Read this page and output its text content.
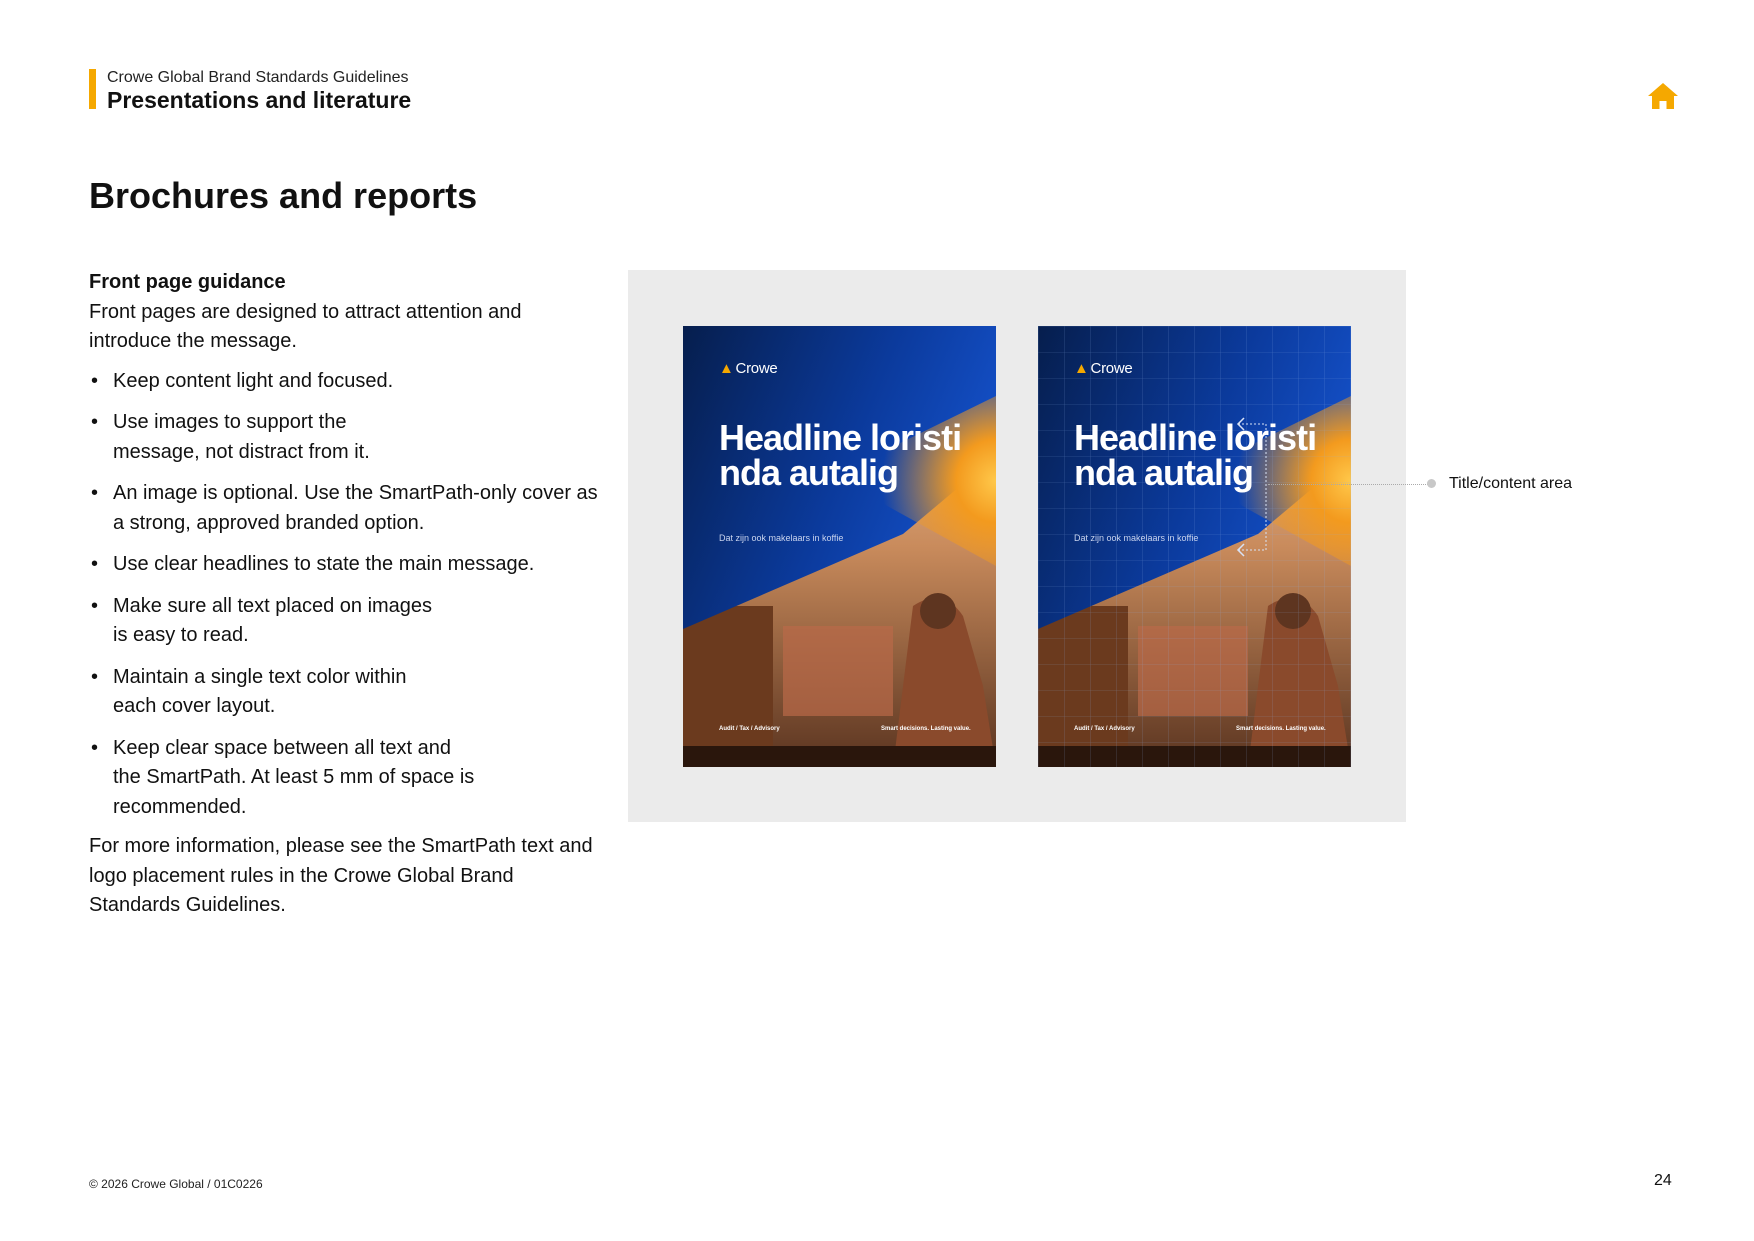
Crowe Global Brand Standards Guidelines
Presentations and literature
Brochures and reports
Front page guidance
Front pages are designed to attract attention and introduce the message.
• Keep content light and focused.
• Use images to support the message, not distract from it.
• An image is optional. Use the SmartPath-only cover as a strong, approved branded option.
• Use clear headlines to state the main message.
• Make sure all text placed on images is easy to read.
• Maintain a single text color within each cover layout.
• Keep clear space between all text and the SmartPath. At least 5 mm of space is recommended.
For more information, please see the SmartPath text and logo placement rules in the Crowe Global Brand Standards Guidelines.
▲ Crowe
Headline loristi nda autalig
Dat zijn ook makelaars in koffie
Audit / Tax / Advisory	Smart decisions. Lasting value.
▲ Crowe
Headline loristi nda autalig
Dat zijn ook makelaars in koffie
Audit / Tax / Advisory	Smart decisions. Lasting value.
Title/content area
© 2026 Crowe Global / 01C0226	24
